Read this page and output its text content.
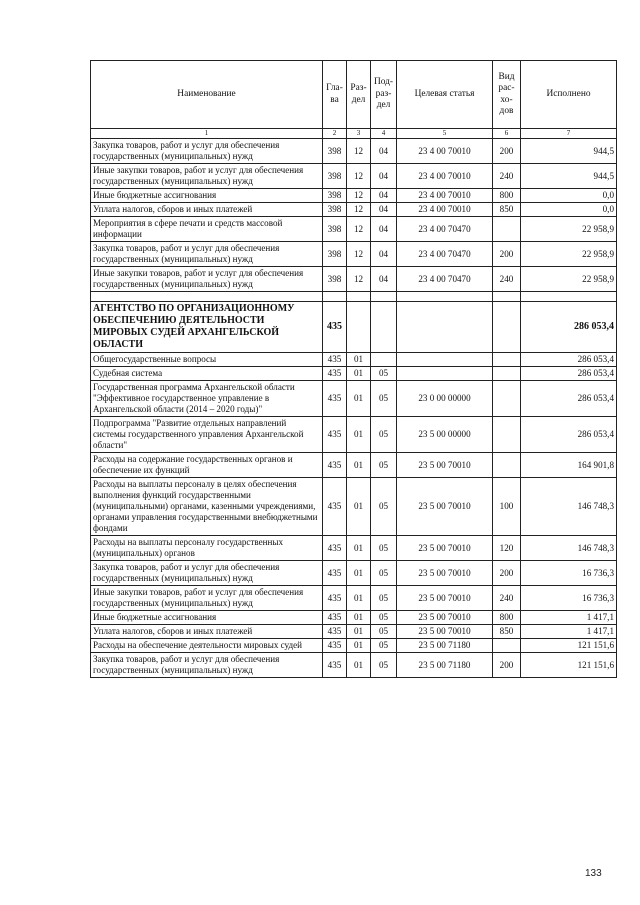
Наименование	Гла-ва	Раз-дел	Под-раз-дел	Целевая статья	Вид рас-хо-дов	Исполнено
1	2	3	4	5	6	7
Закупка товаров, работ и услуг для обеспечения государственных (муниципальных) нужд	398	12	04	23 4 00 70010	200	944,5
Иные закупки товаров, работ и услуг для обеспечения государственных (муниципальных) нужд	398	12	04	23 4 00 70010	240	944,5
Иные бюджетные ассигнования	398	12	04	23 4 00 70010	800	0,0
Уплата налогов, сборов и иных платежей	398	12	04	23 4 00 70010	850	0,0
Мероприятия в сфере печати и средств массовой информации	398	12	04	23 4 00 70470		22 958,9
Закупка товаров, работ и услуг для обеспечения государственных (муниципальных) нужд	398	12	04	23 4 00 70470	200	22 958,9
Иные закупки товаров, работ и услуг для обеспечения государственных (муниципальных) нужд	398	12	04	23 4 00 70470	240	22 958,9

АГЕНТСТВО ПО ОРГАНИЗАЦИОННОМУ ОБЕСПЕЧЕНИЮ ДЕЯТЕЛЬНОСТИ МИРОВЫХ СУДЕЙ АРХАНГЕЛЬСКОЙ ОБЛАСТИ	435					286 053,4
Общегосударственные вопросы	435	01				286 053,4
Судебная система	435	01	05			286 053,4
Государственная программа Архангельской области "Эффективное государственное управление в Архангельской области (2014 – 2020 годы)"	435	01	05	23 0 00 00000		286 053,4
Подпрограмма "Развитие отдельных направлений системы государственного управления Архангельской области"	435	01	05	23 5 00 00000		286 053,4
Расходы на содержание государственных органов и обеспечение их функций	435	01	05	23 5 00 70010		164 901,8
Расходы на выплаты персоналу в целях обеспечения выполнения функций государственными (муниципальными) органами, казенными учреждениями, органами управления государственными внебюджетными фондами	435	01	05	23 5 00 70010	100	146 748,3
Расходы на выплаты персоналу государственных (муниципальных) органов	435	01	05	23 5 00 70010	120	146 748,3
Закупка товаров, работ и услуг для обеспечения государственных (муниципальных) нужд	435	01	05	23 5 00 70010	200	16 736,3
Иные закупки товаров, работ и услуг для обеспечения государственных (муниципальных) нужд	435	01	05	23 5 00 70010	240	16 736,3
Иные бюджетные ассигнования	435	01	05	23 5 00 70010	800	1 417,1
Уплата налогов, сборов и иных платежей	435	01	05	23 5 00 70010	850	1 417,1
Расходы на обеспечение деятельности мировых судей	435	01	05	23 5 00 71180		121 151,6
Закупка товаров, работ и услуг для обеспечения государственных (муниципальных) нужд	435	01	05	23 5 00 71180	200	121 151,6
133
